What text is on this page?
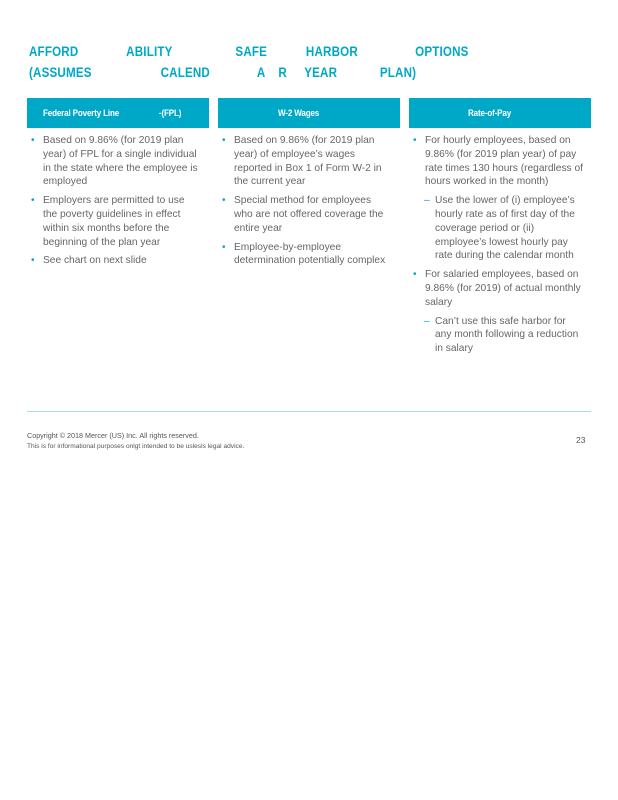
AFFORD	ABILITY	SAFE	HARBOR	OPTIONS
(ASSUMES	CALEND	A R YEAR	PLAN)
Federal Poverty Line	-(FPL)	W-2 Wages	Rate-of-Pay
• Based on 9.86% (for 2019 plan year) of FPL for a single individual in the state where the employee is employed
• Employers are permitted to use the poverty guidelines in effect within six months before the beginning of the plan year
• See chart on next slide
• Based on 9.86% (for 2019 plan year) of employee’s wages reported in Box 1 of Form W-2 in the current year
• Special method for employees who are not offered coverage the entire year
• Employee-by-employee determination potentially complex
• For hourly employees, based on 9.86% (for 2019 plan year) of pay rate times 130 hours (regardless of hours worked in the month)
– Use the lower of (i) employee’s hourly rate as of first day of the coverage period or (ii) employee’s lowest hourly pay rate during the calendar month
• For salaried employees, based on 9.86% (for 2019) of actual monthly salary
– Can’t use this safe harbor for any month following a reduction in salary
Copyright © 2018 Mercer (US) Inc. All rights reserved.
This is for informational purposes onlgt intended to be uslesls legal advice.
23
